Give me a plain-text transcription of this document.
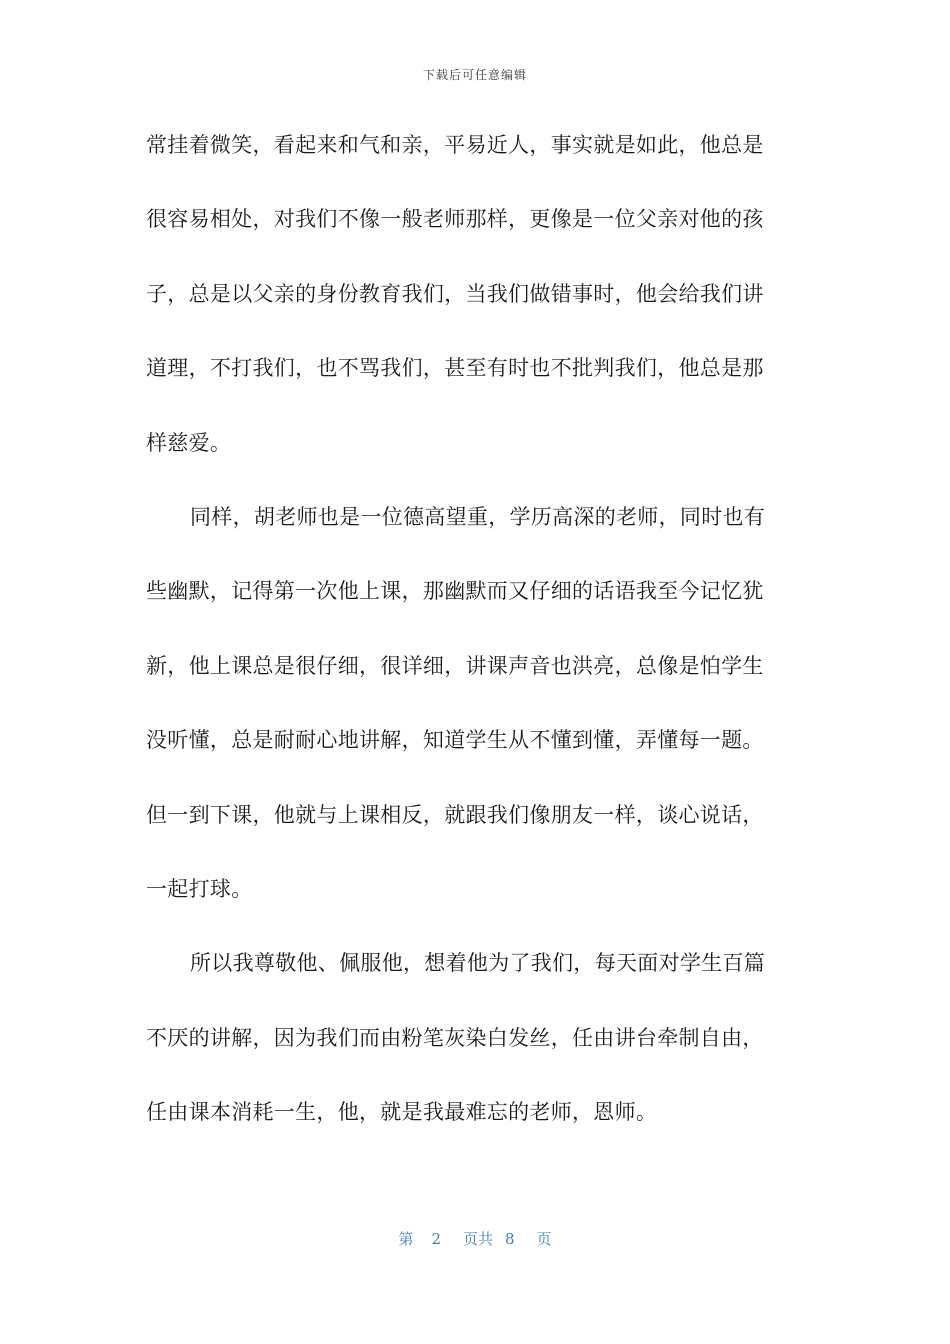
下载后可任意编辑
常挂着微笑，看起来和气和亲，平易近人，事实就是如此，他总是
很容易相处，对我们不像一般老师那样，更像是一位父亲对他的孩
子，总是以父亲的身份教育我们，当我们做错事时，他会给我们讲
道理，不打我们，也不骂我们，甚至有时也不批判我们，他总是那
样慈爱。
同样，胡老师也是一位德高望重，学历高深的老师，同时也有
些幽默，记得第一次他上课，那幽默而又仔细的话语我至今记忆犹
新，他上课总是很仔细，很详细，讲课声音也洪亮，总像是怕学生
没听懂，总是耐耐心地讲解，知道学生从不懂到懂，弄懂每一题。
但一到下课，他就与上课相反，就跟我们像朋友一样，谈心说话，
一起打球。
所以我尊敬他、佩服他，想着他为了我们，每天面对学生百篇
不厌的讲解，因为我们而由粉笔灰染白发丝，任由讲台牵制自由，
任由课本消耗一生，他，就是我最难忘的老师，恩师。
第 2 页共 8 页
